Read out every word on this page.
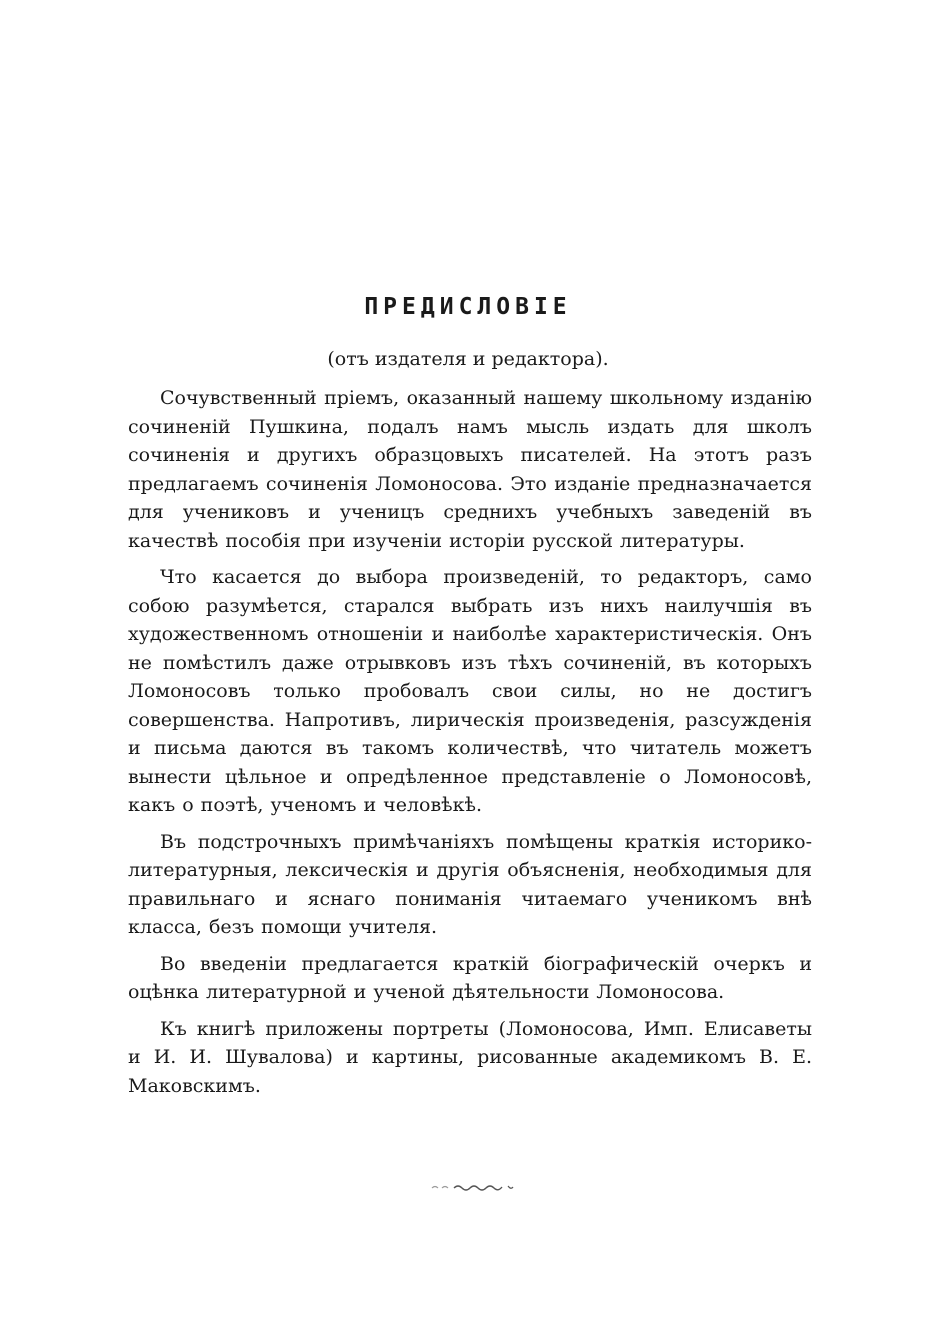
ПРЕДИСЛОВІЕ

(отъ издателя и редактора).

Сочувственный пріемъ, оказанный нашему школьному изданію сочиненій Пушкина, подалъ намъ мысль издать для школъ сочиненія и другихъ образцовыхъ писателей. На этотъ разъ предлагаемъ сочиненія Ломоносова. Это изданіе предназначается для учениковъ и ученицъ среднихъ учебныхъ заведеній въ качествѣ пособія при изученіи исторіи русской литературы.

Что касается до выбора произведеній, то редакторъ, само собою разумѣется, старался выбрать изъ нихъ наилучшія въ художественномъ отношеніи и наиболѣе характеристическія. Онъ не помѣстилъ даже отрывковъ изъ тѣхъ сочиненій, въ которыхъ Ломоносовъ только пробовалъ свои силы, но не достигъ совершенства. Напротивъ, лирическія произведенія, разсужденія и письма даются въ такомъ количествѣ, что читатель можетъ вынести цѣльное и опредѣленное представленіе о Ломоносовѣ, какъ о поэтѣ, ученомъ и человѣкѣ.

Въ подстрочныхъ примѣчаніяхъ помѣщены краткія историко-литературныя, лексическія и другія объясненія, необходимыя для правильнаго и яснаго пониманія читаемаго ученикомъ внѣ класса, безъ помощи учителя.

Во введеніи предлагается краткій біографическій очеркъ и оцѣнка литературной и ученой дѣятельности Ломоносова.

Къ книгѣ приложены портреты (Ломоносова, Имп. Елисаветы и И. И. Шувалова) и картины, рисованные академикомъ В. Е. Маковскимъ.
